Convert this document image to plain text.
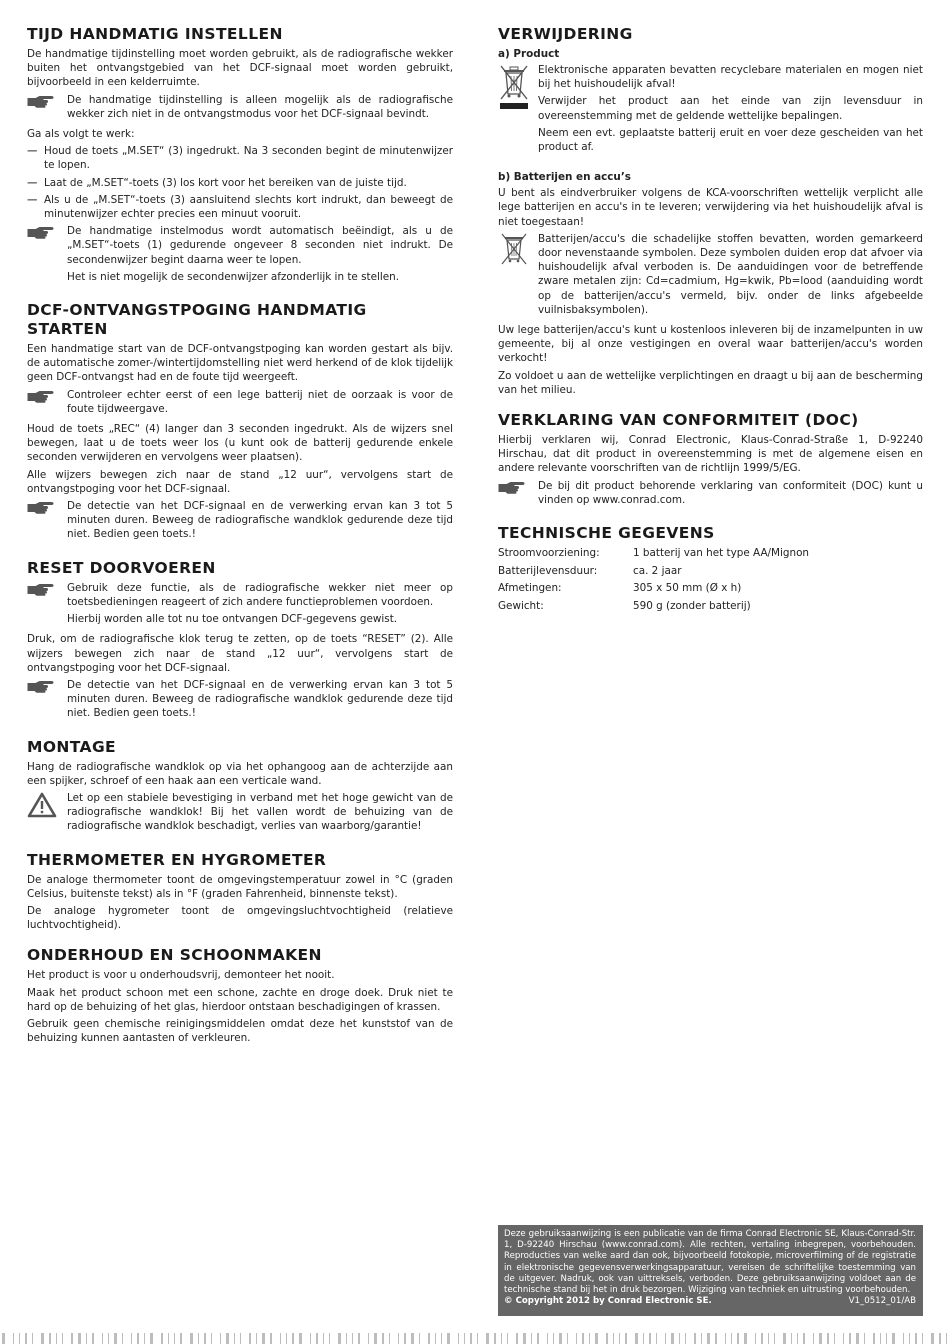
TIJD HANDMATIG INSTELLEN

De handmatige tijdinstelling moet worden gebruikt, als de radiografische wekker buiten het ontvangstgebied van het DCF-signaal moet worden gebruikt, bijvoorbeeld in een kelderruimte.

De handmatige tijdinstelling is alleen mogelijk als de radiografische wekker zich niet in de ontvangstmodus voor het DCF-signaal bevindt.

Ga als volgt te werk:

— Houd de toets „M.SET“ (3) ingedrukt. Na 3 seconden begint de minutenwijzer te lopen.
— Laat de „M.SET“-toets (3) los kort voor het bereiken van de juiste tijd.
— Als u de „M.SET“-toets (3) aansluitend slechts kort indrukt, dan beweegt de minutenwijzer echter precies een minuut vooruit.

De handmatige instelmodus wordt automatisch beëindigt, als u de „M.SET“-toets (1) gedurende ongeveer 8 seconden niet indrukt. De secondenwijzer begint daarna weer te lopen.

Het is niet mogelijk de secondenwijzer afzonderlijk in te stellen.

DCF-ONTVANGSTPOGING HANDMATIG STARTEN

Een handmatige start van de DCF-ontvangstpoging kan worden gestart als bijv. de automatische zomer-/wintertijdomstelling niet werd herkend of de klok tijdelijk geen DCF-ontvangst had en de foute tijd weergeeft.

Controleer echter eerst of een lege batterij niet de oorzaak is voor de foute tijdweergave.

Houd de toets „REC“ (4) langer dan 3 seconden ingedrukt. Als de wijzers snel bewegen, laat u de toets weer los (u kunt ook de batterij gedurende enkele seconden verwijderen en vervolgens weer plaatsen).

Alle wijzers bewegen zich naar de stand „12 uur“, vervolgens start de ontvangstpoging voor het DCF-signaal.

De detectie van het DCF-signaal en de verwerking ervan kan 3 tot 5 minuten duren. Beweeg de radiografische wandklok gedurende deze tijd niet. Bedien geen toets.!

RESET DOORVOEREN

Gebruik deze functie, als de radiografische wekker niet meer op toetsbedieningen reageert of zich andere functieproblemen voordoen.

Hierbij worden alle tot nu toe ontvangen DCF-gegevens gewist.

Druk, om de radiografische klok terug te zetten, op de toets “RESET” (2). Alle wijzers bewegen zich naar de stand „12 uur“, vervolgens start de ontvangstpoging voor het DCF-signaal.

De detectie van het DCF-signaal en de verwerking ervan kan 3 tot 5 minuten duren. Beweeg de radiografische wandklok gedurende deze tijd niet. Bedien geen toets.!

MONTAGE

Hang de radiografische wandklok op via het ophangoog aan de achterzijde aan een spijker, schroef of een haak aan een verticale wand.

Let op een stabiele bevestiging in verband met het hoge gewicht van de radiografische wandklok! Bij het vallen wordt de behuizing van de radiografische wandklok beschadigt, verlies van waarborg/garantie!

THERMOMETER EN HYGROMETER

De analoge thermometer toont de omgevingstemperatuur zowel in °C (graden Celsius, buitenste tekst) als in °F (graden Fahrenheid, binnenste tekst).

De analoge hygrometer toont de omgevingsluchtvochtigheid (relatieve luchtvochtigheid).

ONDERHOUD EN SCHOONMAKEN

Het product is voor u onderhoudsvrij, demonteer het nooit.

Maak het product schoon met een schone, zachte en droge doek. Druk niet te hard op de behuizing of het glas, hierdoor ontstaan beschadigingen of krassen.

Gebruik geen chemische reinigingsmiddelen omdat deze het kunststof van de behuizing kunnen aantasten of verkleuren.

VERWIJDERING
a) Product

Elektronische apparaten bevatten recyclebare materialen en mogen niet bij het huishoudelijk afval!

Verwijder het product aan het einde van zijn levensduur in overeenstemming met de geldende wettelijke bepalingen.

Neem een evt. geplaatste batterij eruit en voer deze gescheiden van het product af.

b) Batterijen en accu’s

U bent als eindverbruiker volgens de KCA-voorschriften wettelijk verplicht alle lege batterijen en accu's in te leveren; verwijdering via het huishoudelijk afval is niet toegestaan!

Batterijen/accu's die schadelijke stoffen bevatten, worden gemarkeerd door nevenstaande symbolen. Deze symbolen duiden erop dat afvoer via huishoudelijk afval verboden is. De aanduidingen voor de betreffende zware metalen zijn: Cd=cadmium, Hg=kwik, Pb=lood (aanduiding wordt op de batterijen/accu's vermeld, bijv. onder de links afgebeelde vuilnisbaksymbolen).

Uw lege batterijen/accu's kunt u kostenloos inleveren bij de inzamelpunten in uw gemeente, bij al onze vestigingen en overal waar batterijen/accu's worden verkocht!

Zo voldoet u aan de wettelijke verplichtingen en draagt u bij aan de bescherming van het milieu.

VERKLARING VAN CONFORMITEIT (DOC)

Hierbij verklaren wij, Conrad Electronic, Klaus-Conrad-Straße 1, D-92240 Hirschau, dat dit product in overeenstemming is met de algemene eisen en andere relevante voorschriften van de richtlijn 1999/5/EG.

De bij dit product behorende verklaring van conformiteit (DOC) kunt u vinden op www.conrad.com.

TECHNISCHE GEGEVENS
Stroomvoorziening:	1 batterij van het type AA/Mignon
Batterijlevensduur:	ca. 2 jaar
Afmetingen:	305 x 50 mm (Ø x h)
Gewicht:	590 g (zonder batterij)

Deze gebruiksaanwijzing is een publicatie van de firma Conrad Electronic SE, Klaus-Conrad-Str. 1, D-92240 Hirschau (www.conrad.com). Alle rechten, vertaling inbegrepen, voorbehouden. Reproducties van welke aard dan ook, bijvoorbeeld fotokopie, microverfilming of de registratie in elektronische gegevensverwerkingsapparatuur, vereisen de schriftelijke toestemming van de uitgever. Nadruk, ook van uittreksels, verboden. Deze gebruiksaanwijzing voldoet aan de technische stand bij het in druk bezorgen. Wijziging van techniek en uitrusting voorbehouden.

© Copyright 2012 by Conrad Electronic SE.	V1_0512_01/AB
